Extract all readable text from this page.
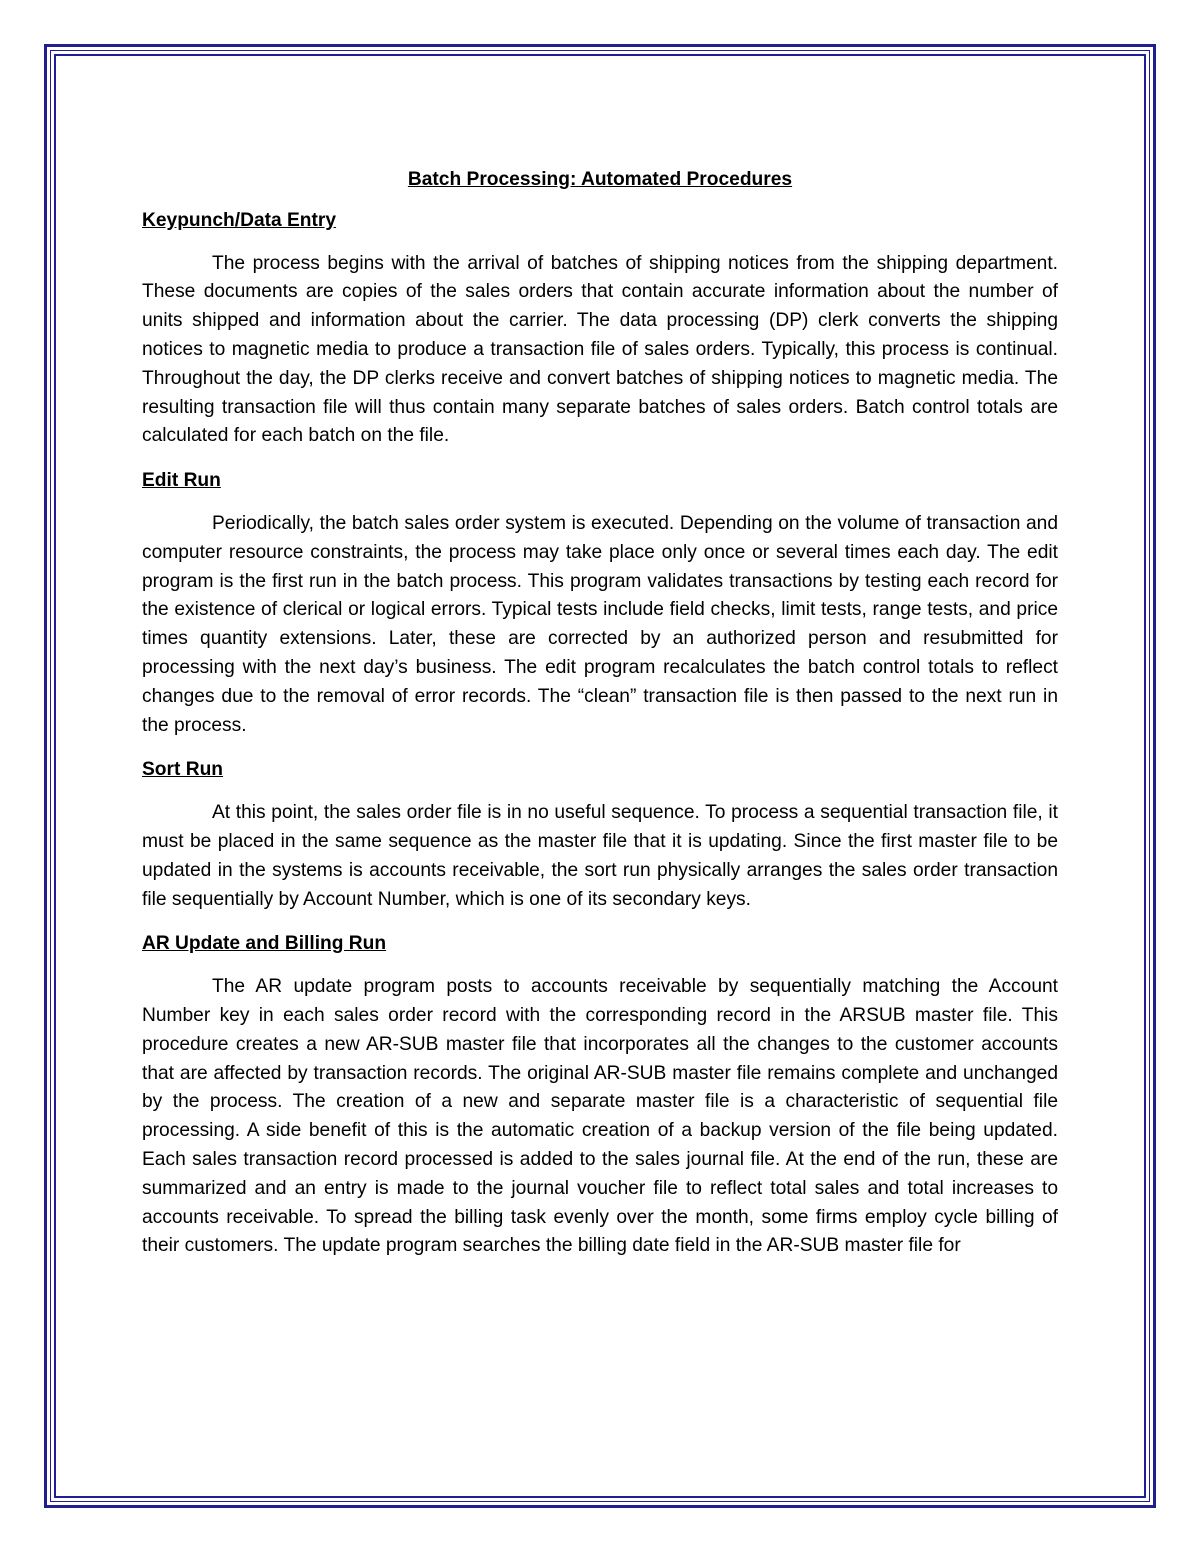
Batch Processing: Automated Procedures
Keypunch/Data Entry

The process begins with the arrival of batches of shipping notices from the shipping department. These documents are copies of the sales orders that contain accurate information about the number of units shipped and information about the carrier. The data processing (DP) clerk converts the shipping notices to magnetic media to produce a transaction file of sales orders. Typically, this process is continual. Throughout the day, the DP clerks receive and convert batches of shipping notices to magnetic media. The resulting transaction file will thus contain many separate batches of sales orders. Batch control totals are calculated for each batch on the file.

Edit Run

Periodically, the batch sales order system is executed. Depending on the volume of transaction and computer resource constraints, the process may take place only once or several times each day. The edit program is the first run in the batch process. This program validates transactions by testing each record for the existence of clerical or logical errors. Typical tests include field checks, limit tests, range tests, and price times quantity extensions. Later, these are corrected by an authorized person and resubmitted for processing with the next day’s business. The edit program recalculates the batch control totals to reflect changes due to the removal of error records. The “clean” transaction file is then passed to the next run in the process.

Sort Run

At this point, the sales order file is in no useful sequence. To process a sequential transaction file, it must be placed in the same sequence as the master file that it is updating. Since the first master file to be updated in the systems is accounts receivable, the sort run physically arranges the sales order transaction file sequentially by Account Number, which is one of its secondary keys.

AR Update and Billing Run

The AR update program posts to accounts receivable by sequentially matching the Account Number key in each sales order record with the corresponding record in the ARSUB master file. This procedure creates a new AR-SUB master file that incorporates all the changes to the customer accounts that are affected by transaction records. The original AR-SUB master file remains complete and unchanged by the process. The creation of a new and separate master file is a characteristic of sequential file processing. A side benefit of this is the automatic creation of a backup version of the file being updated. Each sales transaction record processed is added to the sales journal file. At the end of the run, these are summarized and an entry is made to the journal voucher file to reflect total sales and total increases to accounts receivable. To spread the billing task evenly over the month, some firms employ cycle billing of their customers. The update program searches the billing date field in the AR-SUB master file for
